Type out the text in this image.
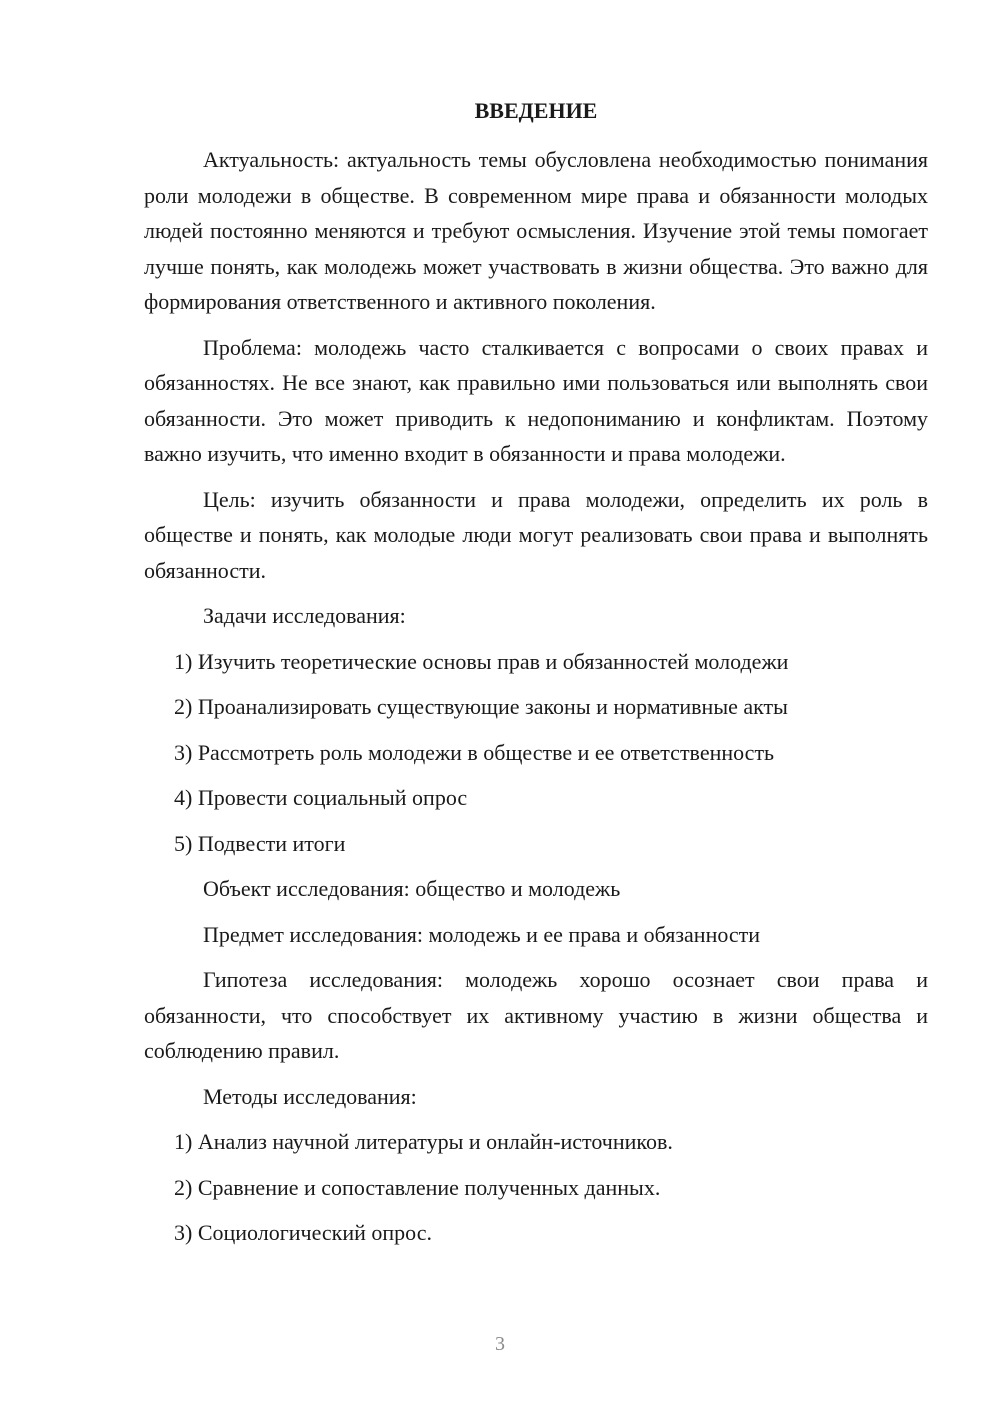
ВВЕДЕНИЕ

Актуальность: актуальность темы обусловлена необходимостью понимания роли молодежи в обществе. В современном мире права и обязанности молодых людей постоянно меняются и требуют осмысления. Изучение этой темы помогает лучше понять, как молодежь может участвовать в жизни общества. Это важно для формирования ответственного и активного поколения.

Проблема: молодежь часто сталкивается с вопросами о своих правах и обязанностях. Не все знают, как правильно ими пользоваться или выполнять свои обязанности. Это может приводить к недопониманию и конфликтам. Поэтому важно изучить, что именно входит в обязанности и права молодежи.

Цель: изучить обязанности и права молодежи, определить их роль в обществе и понять, как молодые люди могут реализовать свои права и выполнять обязанности.

Задачи исследования:
1) Изучить теоретические основы прав и обязанностей молодежи
2) Проанализировать существующие законы и нормативные акты
3) Рассмотреть роль молодежи в обществе и ее ответственность
4) Провести социальный опрос
5) Подвести итоги
Объект исследования: общество и молодежь
Предмет исследования: молодежь и ее права и обязанности

Гипотеза исследования: молодежь хорошо осознает свои права и обязанности, что способствует их активному участию в жизни общества и соблюдению правил.

Методы исследования:
1) Анализ научной литературы и онлайн-источников.
2) Сравнение и сопоставление полученных данных.
3) Социологический опрос.
3
